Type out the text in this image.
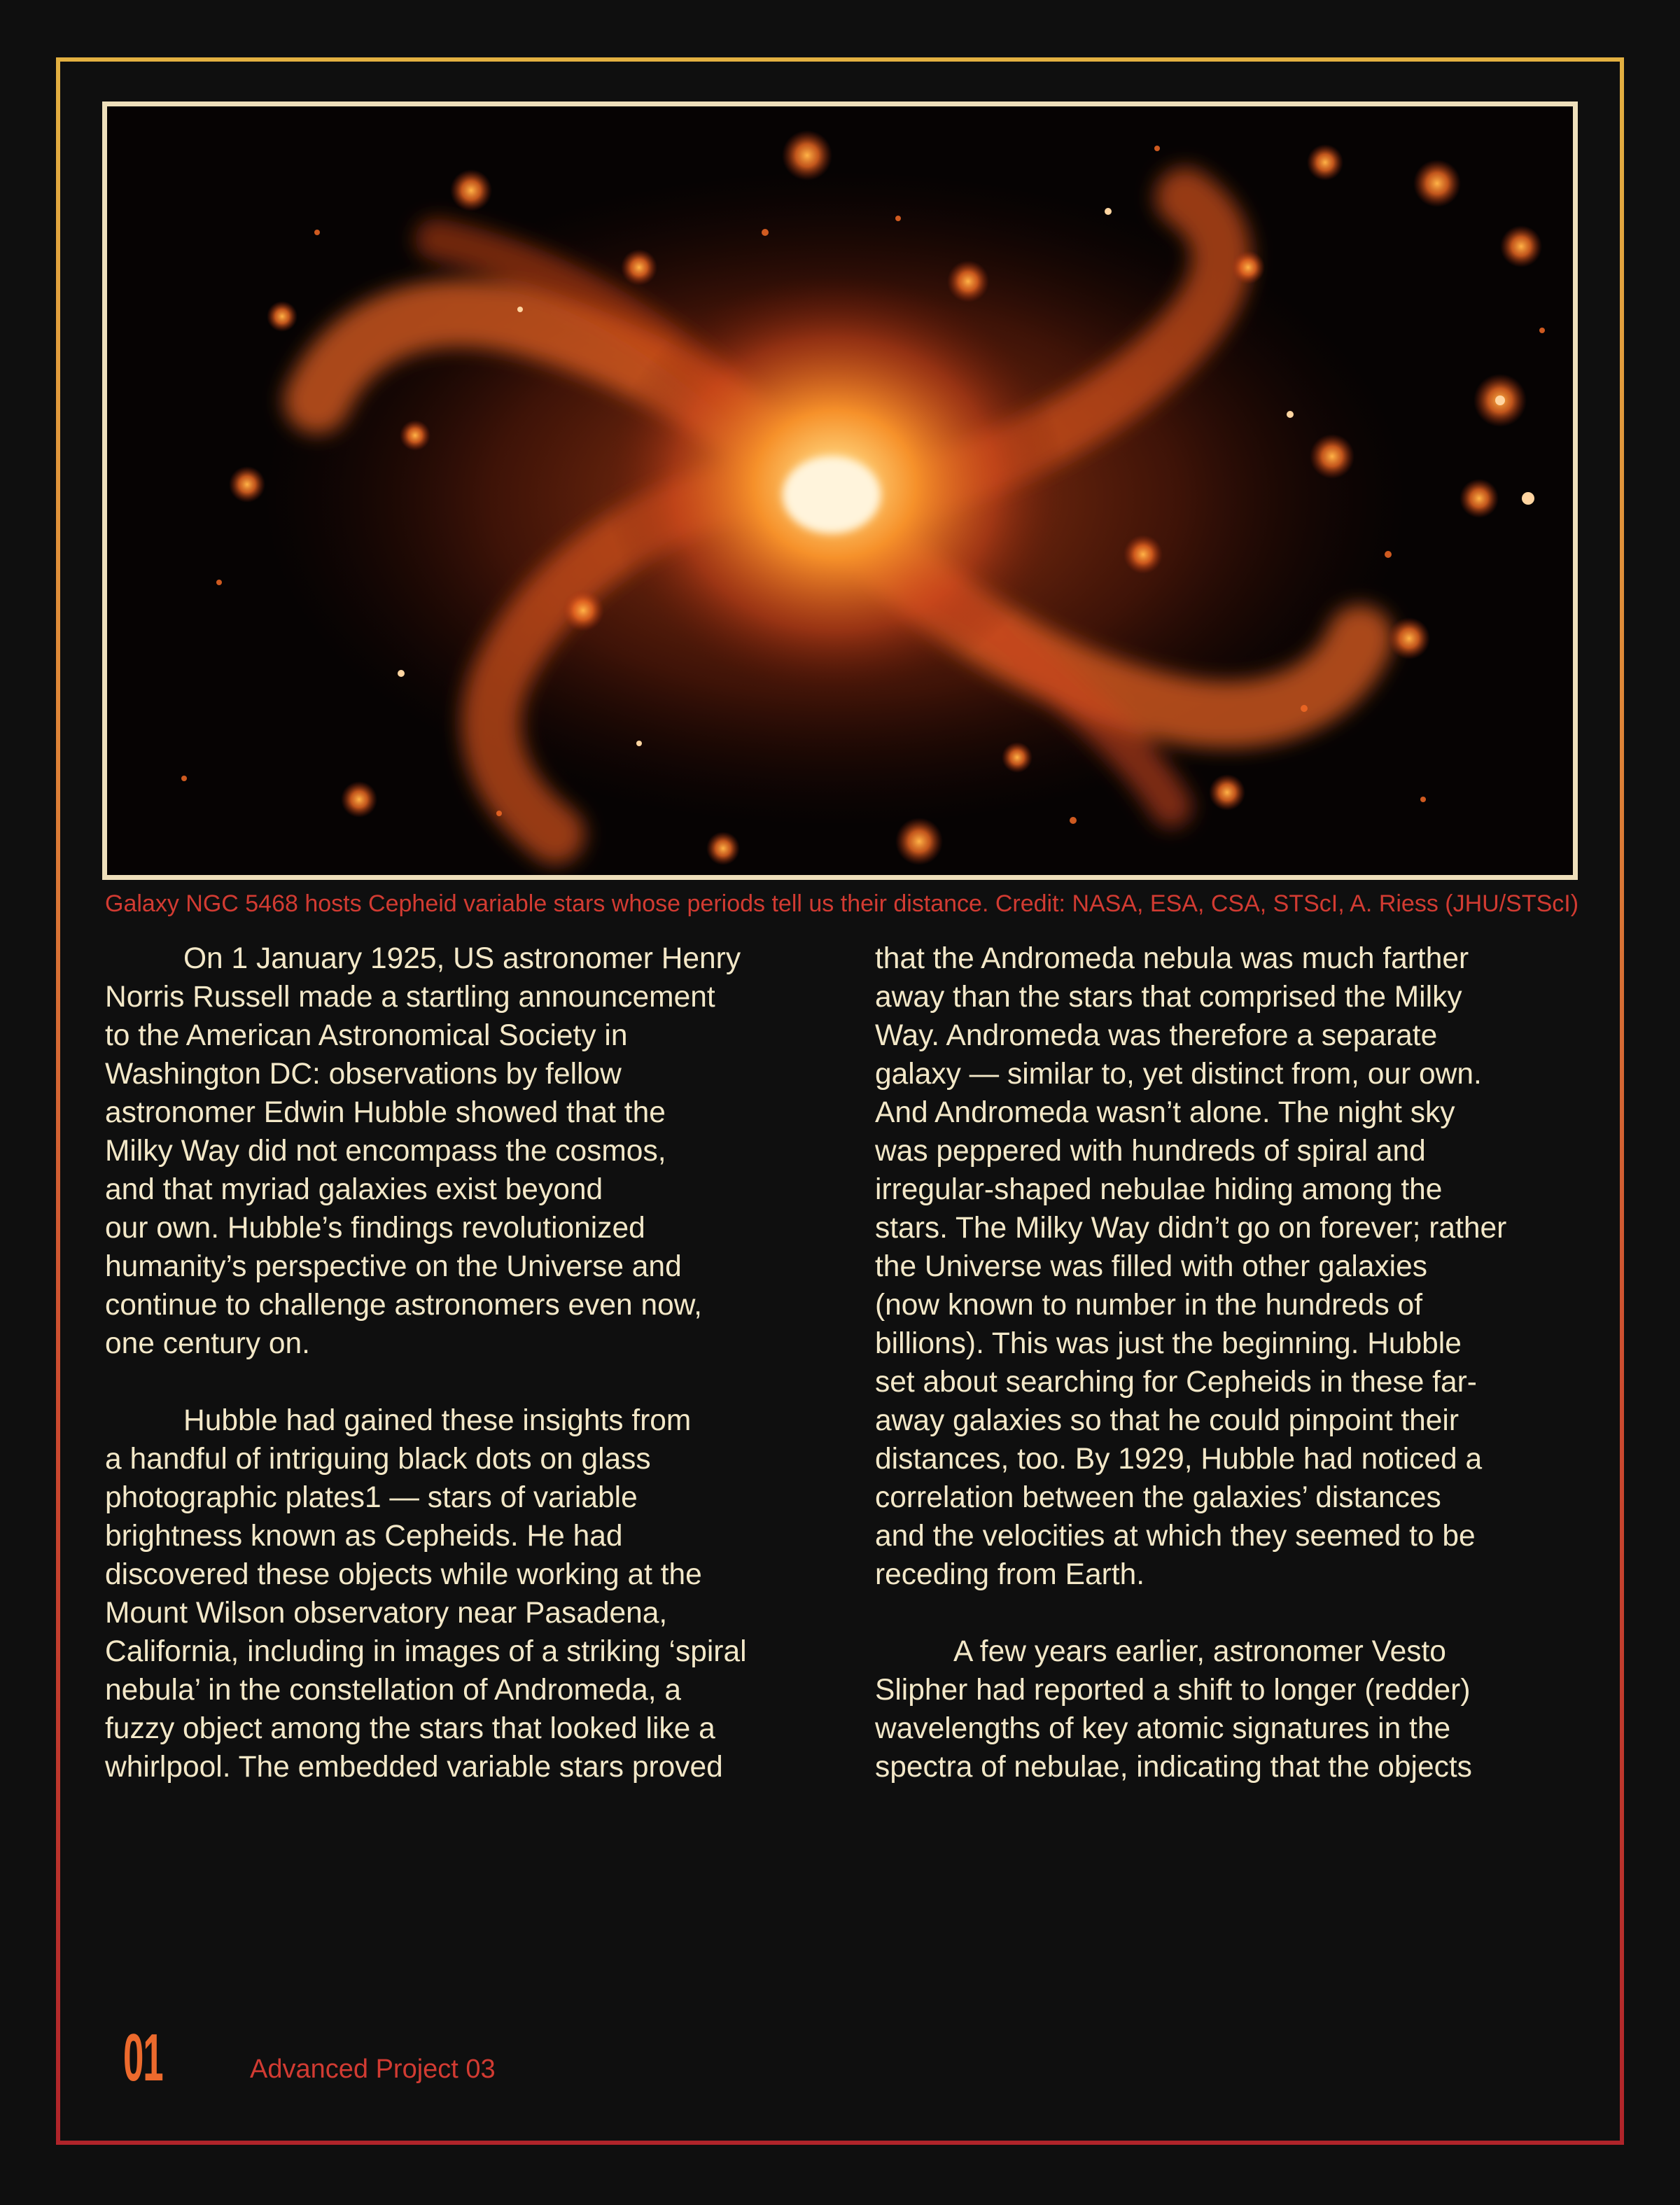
Galaxy NGC 5468 hosts Cepheid variable stars whose periods tell us their distance. Credit: NASA, ESA, CSA, STScI, A. Riess (JHU/STScI)

On 1 January 1925, US astronomer Henry
Norris Russell made a startling announcement
to the American Astronomical Society in
Washington DC: observations by fellow
astronomer Edwin Hubble showed that the
Milky Way did not encompass the cosmos,
and that myriad galaxies exist beyond
our own. Hubble’s findings revolutionized
humanity’s perspective on the Universe and
continue to challenge astronomers even now,
one century on.

Hubble had gained these insights from
a handful of intriguing black dots on glass
photographic plates1 — stars of variable
brightness known as Cepheids. He had
discovered these objects while working at the
Mount Wilson observatory near Pasadena,
California, including in images of a striking ‘spiral
nebula’ in the constellation of Andromeda, a
fuzzy object among the stars that looked like a
whirlpool. The embedded variable stars proved

that the Andromeda nebula was much farther
away than the stars that comprised the Milky
Way. Andromeda was therefore a separate
galaxy — similar to, yet distinct from, our own.
And Andromeda wasn’t alone. The night sky
was peppered with hundreds of spiral and
irregular-shaped nebulae hiding among the
stars. The Milky Way didn’t go on forever; rather
the Universe was filled with other galaxies
(now known to number in the hundreds of
billions). This was just the beginning. Hubble
set about searching for Cepheids in these far-
away galaxies so that he could pinpoint their
distances, too. By 1929, Hubble had noticed a
correlation between the galaxies’ distances
and the velocities at which they seemed to be
receding from Earth.

A few years earlier, astronomer Vesto
Slipher had reported a shift to longer (redder)
wavelengths of key atomic signatures in the
spectra of nebulae, indicating that the objects

01	Advanced Project 03
